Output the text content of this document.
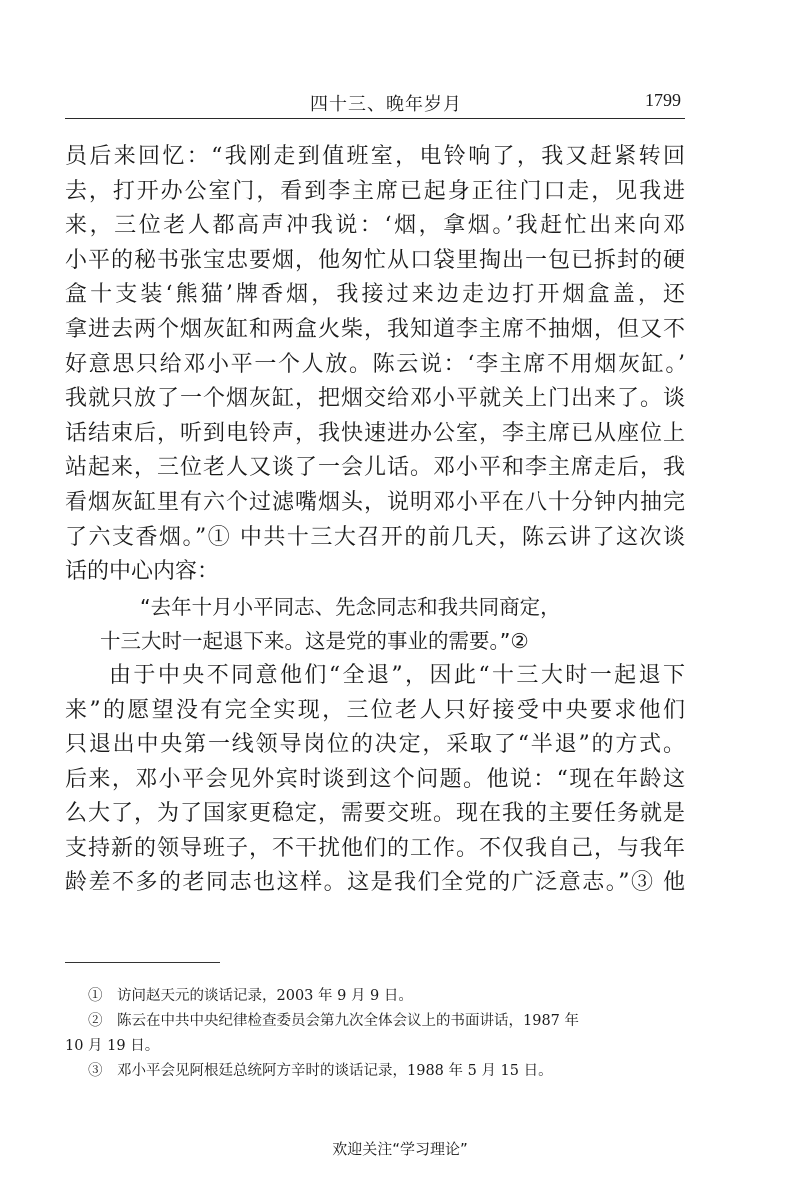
四十三、晚年岁月	1799
员后来回忆：“我刚走到值班室，电铃响了，我又赶紧转回
去，打开办公室门，看到李主席已起身正往门口走，见我进
来，三位老人都高声冲我说：‘烟，拿烟。’我赶忙出来向邓
小平的秘书张宝忠要烟，他匆忙从口袋里掏出一包已拆封的硬
盒十支装‘熊猫’牌香烟，我接过来边走边打开烟盒盖，还
拿进去两个烟灰缸和两盒火柴，我知道李主席不抽烟，但又不
好意思只给邓小平一个人放。陈云说：‘李主席不用烟灰缸。’
我就只放了一个烟灰缸，把烟交给邓小平就关上门出来了。谈
话结束后，听到电铃声，我快速进办公室，李主席已从座位上
站起来，三位老人又谈了一会儿话。邓小平和李主席走后，我
看烟灰缸里有六个过滤嘴烟头，说明邓小平在八十分钟内抽完
了六支香烟。”① 中共十三大召开的前几天，陈云讲了这次谈
话的中心内容：
“去年十月小平同志、先念同志和我共同商定，
十三大时一起退下来。这是党的事业的需要。”②
由于中央不同意他们“全退”，因此“十三大时一起退下
来”的愿望没有完全实现，三位老人只好接受中央要求他们
只退出中央第一线领导岗位的决定，采取了“半退”的方式。
后来，邓小平会见外宾时谈到这个问题。他说：“现在年龄这
么大了，为了国家更稳定，需要交班。现在我的主要任务就是
支持新的领导班子，不干扰他们的工作。不仅我自己，与我年
龄差不多的老同志也这样。这是我们全党的广泛意志。”③ 他
①　访问赵天元的谈话记录，2003 年 9 月 9 日。
②　陈云在中共中央纪律检查委员会第九次全体会议上的书面讲话，1987 年
10 月 19 日。
③　邓小平会见阿根廷总统阿方辛时的谈话记录，1988 年 5 月 15 日。
欢迎关注“学习理论”
